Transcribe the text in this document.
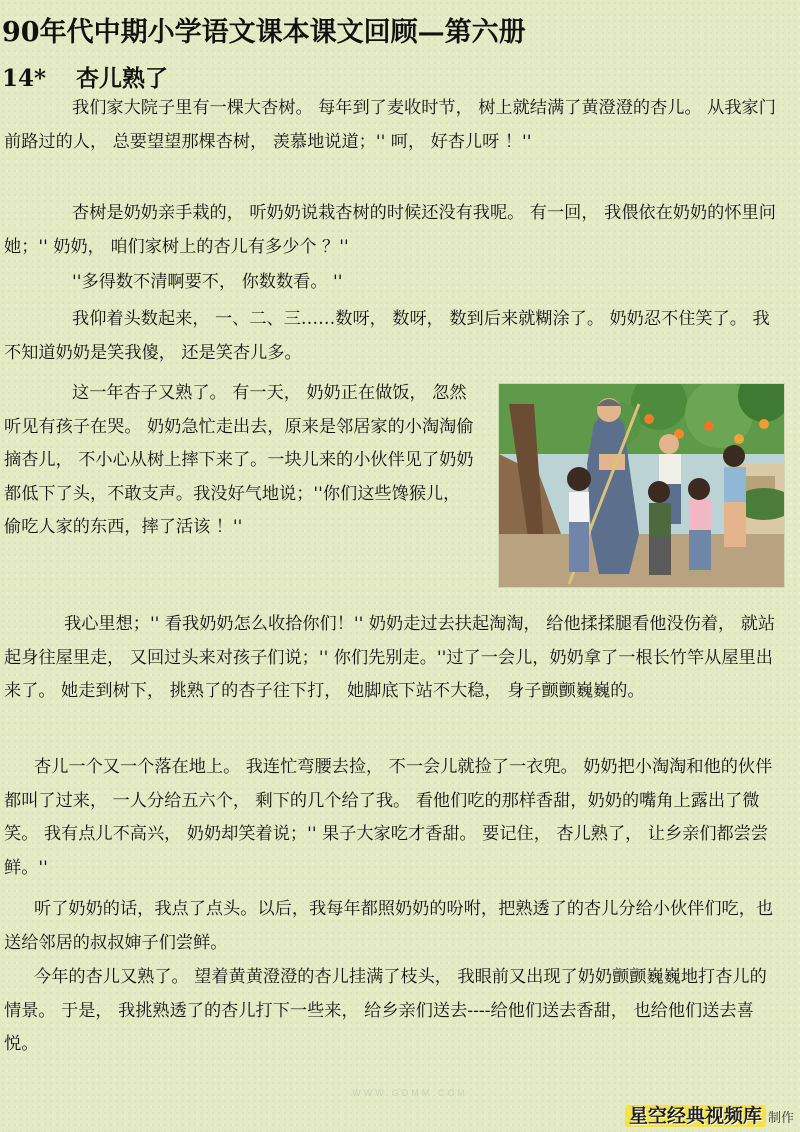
90年代中期小学语文课本课文回顾—第六册
14* 杏儿熟了

我们家大院子里有一棵大杏树。 每年到了麦收时节， 树上就结满了黄澄澄的杏儿。 从我家门前路过的人， 总要望望那棵杏树， 羡慕地说道；'' 呵， 好杏儿呀 ！''

杏树是奶奶亲手栽的， 听奶奶说栽杏树的时候还没有我呢。 有一回， 我偎依在奶奶的怀里问她；'' 奶奶， 咱们家树上的杏儿有多少个 ？''

''多得数不清啊要不， 你数数看。 ''

我仰着头数起来， 一、二、三……数呀， 数呀， 数到后来就糊涂了。 奶奶忍不住笑了。 我不知道奶奶是笑我傻， 还是笑杏儿多。

这一年杏子又熟了。 有一天， 奶奶正在做饭， 忽然听见有孩子在哭。 奶奶急忙走出去，原来是邻居家的小淘淘偷摘杏儿， 不小心从树上摔下来了。一块儿来的小伙伴见了奶奶都低下了头，不敢支声。我没好气地说；''你们这些馋猴儿，偷吃人家的东西，摔了活该 ！''

我心里想；'' 看我奶奶怎么收拾你们！'' 奶奶走过去扶起淘淘， 给他揉揉腿看他没伤着， 就站起身往屋里走， 又回过头来对孩子们说；'' 你们先别走。''过了一会儿，奶奶拿了一根长竹竿从屋里出来了。 她走到树下， 挑熟了的杏子往下打， 她脚底下站不大稳， 身子颤颤巍巍的。

杏儿一个又一个落在地上。 我连忙弯腰去捡， 不一会儿就捡了一衣兜。 奶奶把小淘淘和他的伙伴都叫了过来， 一人分给五六个， 剩下的几个给了我。 看他们吃的那样香甜，奶奶的嘴角上露出了微笑。 我有点儿不高兴， 奶奶却笑着说；'' 果子大家吃才香甜。 要记住， 杏儿熟了， 让乡亲们都尝尝鲜。''

听了奶奶的话，我点了点头。以后，我每年都照奶奶的吩咐，把熟透了的杏儿分给小伙伴们吃，也送给邻居的叔叔婶子们尝鲜。

今年的杏儿又熟了。 望着黄黄澄澄的杏儿挂满了枝头， 我眼前又出现了奶奶颤颤巍巍地打杏儿的情景。 于是， 我挑熟透了的杏儿打下一些来， 给乡亲们送去----给他们送去香甜， 也给他们送去喜悦。

WWW.GDMM.COM
星空经典视频库 制作
